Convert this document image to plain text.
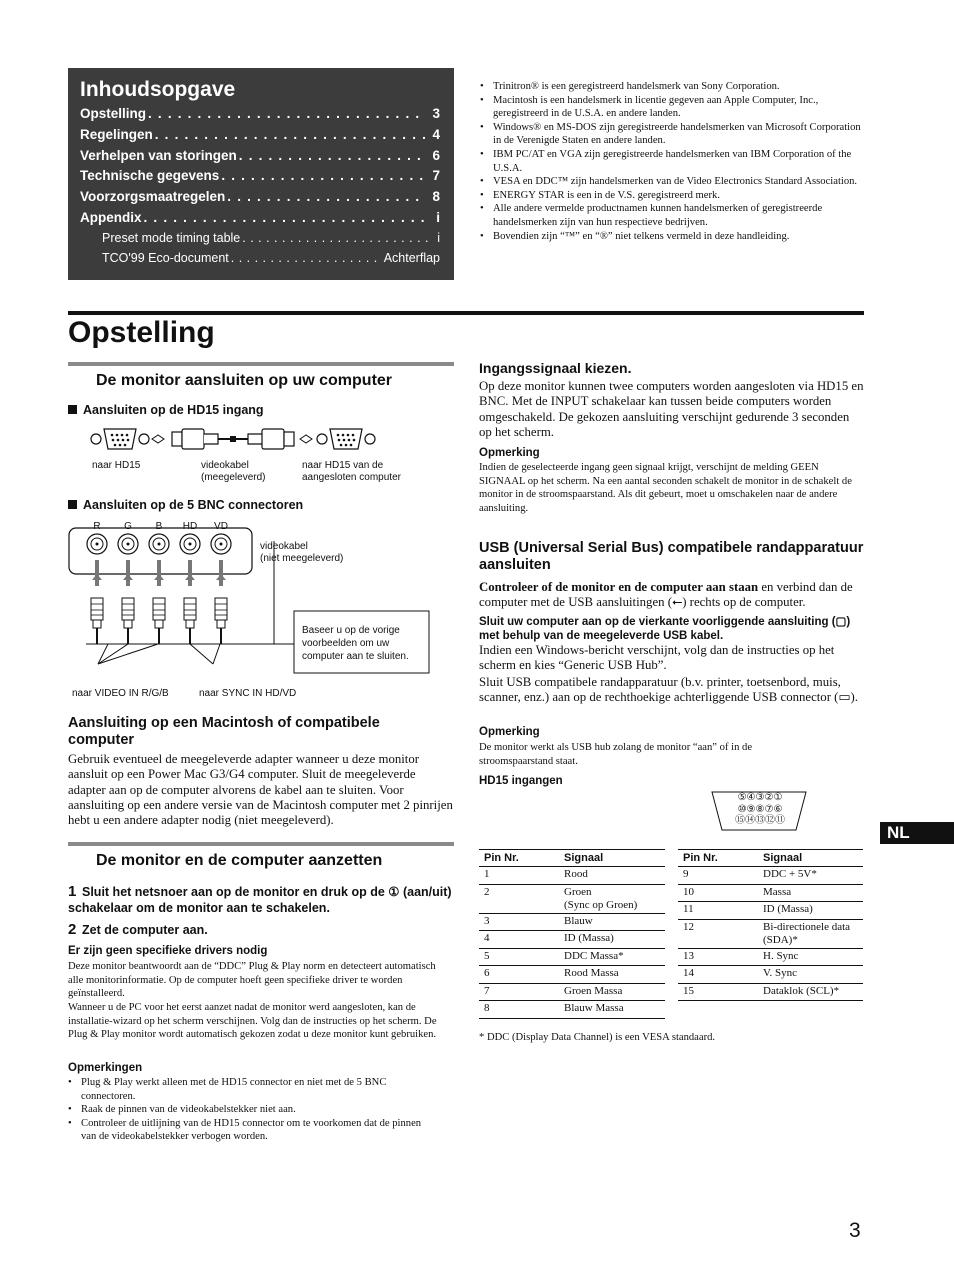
Inhoudsopgave
Opstelling . . .	3
Regelingen . . .	4
Verhelpen van storingen . . .	6
Technische gegevens . . .	7
Voorzorgsmaatregelen . . .	8
Appendix . . .	i
Preset mode timing table . . .	i
TCO'99 Eco-document . . .	Achterflap
• Trinitron® is een geregistreerd handelsmerk van Sony Corporation.
• Macintosh is een handelsmerk in licentie gegeven aan Apple Computer, Inc., geregistreerd in de U.S.A. en andere landen.
• Windows® en MS-DOS zijn geregistreerde handelsmerken van Microsoft Corporation in de Verenigde Staten en andere landen.
• IBM PC/AT en VGA zijn geregistreerde handelsmerken van IBM Corporation of the U.S.A.
• VESA en DDC™ zijn handelsmerken van de Video Electronics Standard Association.
• ENERGY STAR is een in de V.S. geregistreerd merk.
• Alle andere vermelde productnamen kunnen handelsmerken of geregistreerde handelsmerken zijn van hun respectieve bedrijven.
• Bovendien zijn “™” en “®” niet telkens vermeld in deze handleiding.
Opstelling
De monitor aansluiten op uw computer
Aansluiten op de HD15 ingang
naar HD15	videokabel
(meegeleverd)
naar HD15 van de
aangesloten computer
Aansluiten op de 5 BNC connectoren
R	G	B	HD	VD
videokabel
(niet meegeleverd)
Baseer u op de vorige voorbeelden om uw computer aan te sluiten.
naar VIDEO IN R/G/B	naar SYNC IN HD/VD
Aansluiting op een Macintosh of compatibele computer
Gebruik eventueel de meegeleverde adapter wanneer u deze monitor aansluit op een Power Mac G3/G4 computer. Sluit de meegeleverde adapter aan op de computer alvorens de kabel aan te sluiten. Voor aansluiting op een andere versie van de Macintosh computer met 2 pinrijen hebt u een andere adapter nodig (niet meegeleverd).
De monitor en de computer aanzetten
1 Sluit het netsnoer aan op de monitor en druk op de ① (aan/uit) schakelaar om de monitor aan te schakelen.
2 Zet de computer aan.
Er zijn geen specifieke drivers nodig
Deze monitor beantwoordt aan de “DDC” Plug & Play norm en detecteert automatisch alle monitorinformatie. Op de computer hoeft geen specifieke driver te worden geïnstalleerd.
Wanneer u de PC voor het eerst aanzet nadat de monitor werd aangesloten, kan de installatie-wizard op het scherm verschijnen. Volg dan de instructies op het scherm. De Plug & Play monitor wordt automatisch gekozen zodat u deze monitor kunt gebruiken.
Opmerkingen
• Plug & Play werkt alleen met de HD15 connector en niet met de 5 BNC connectoren.
• Raak de pinnen van de videokabelstekker niet aan.
• Controleer de uitlijning van de HD15 connector om te voorkomen dat de pinnen van de videokabelstekker verbogen worden.
Ingangssignaal kiezen.
Op deze monitor kunnen twee computers worden aangesloten via HD15 en BNC. Met de INPUT schakelaar kan tussen beide computers worden omgeschakeld. De gekozen aansluiting verschijnt gedurende 3 seconden op het scherm.
Opmerking
Indien de geselecteerde ingang geen signaal krijgt, verschijnt de melding GEEN SIGNAAL op het scherm. Na een aantal seconden schakelt de monitor in de schakelt de monitor in de stroomspaarstand. Als dit gebeurt, moet u omschakelen naar de andere aansluiting.
USB (Universal Serial Bus) compatibele randapparatuur aansluiten
Controleer of de monitor en de computer aan staan en verbind dan de computer met de USB aansluitingen (⭠) rechts op de computer.
Sluit uw computer aan op de vierkante voorliggende aansluiting (▢) met behulp van de meegeleverde USB kabel.
Indien een Windows-bericht verschijnt, volg dan de instructies op het scherm en kies “Generic USB Hub”.
Sluit USB compatibele randapparatuur (b.v. printer, toetsenbord, muis, scanner, enz.) aan op de rechthoekige achterliggende USB connector (▭).
Opmerking
De monitor werkt als USB hub zolang de monitor “aan” of in de stroomspaarstand staat.
HD15 ingangen
⑤④③②①
⑩⑨⑧⑦⑥
⑮⑭⑬⑫⑪
Pin Nr.	Signaal
1	Rood
2	Groen
(Sync op Groen)
3	Blauw
4	ID (Massa)
5	DDC Massa*
6	Rood Massa
7	Groen Massa
8	Blauw Massa
Pin Nr.	Signaal
9	DDC + 5V*
10	Massa
11	ID (Massa)
12	Bi-directionele data
(SDA)*
13	H. Sync
14	V. Sync
15	Dataklok (SCL)*
* DDC (Display Data Channel) is een VESA standaard.
NL
3
